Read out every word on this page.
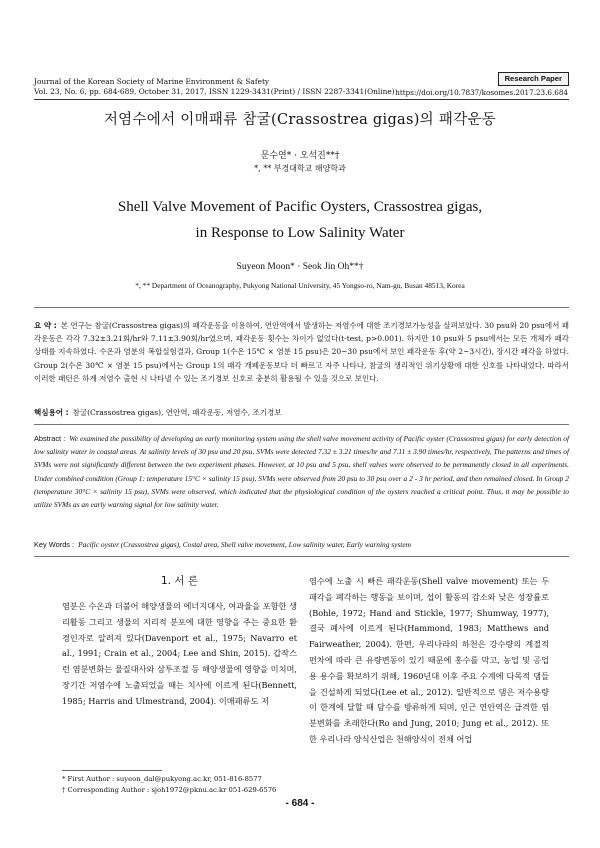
Journal of the Korean Society of Marine Environment & Safety
Vol. 23, No. 6, pp. 684-689, October 31, 2017, ISSN 1229-3431(Print) / ISSN 2287-3341(Online)
Research Paper
https://doi.org/10.7837/kosomes.2017.23.6.684
저염수에서 이매패류 참굴(Crassostrea gigas)의 패각운동
문수연* · 오석진**†
*, ** 부경대학교 해양학과
Shell Valve Movement of Pacific Oysters, Crassostrea gigas,
in Response to Low Salinity Water
Suyeon Moon* · Seok Jin Oh**†
*, ** Department of Oceanography, Pukyong National University, 45 Yongso-ro, Nam-gu, Busan 48513, Korea
요 약 : 본 연구는 참굴(Crassostrea gigas)의 패각운동을 이용하여, 연안역에서 발생하는 저염수에 대한 조기경보가능성을 살펴보았다. 30 psu와 20 psu에서 패각운동은 각각 7.32±3.21회/hr와 7.11±3.90회/hr였으며, 패각운동 횟수는 차이가 없었다(t-test, p>0.001). 하지만 10 psu와 5 psu에서는 모든 개체가 패각상태를 지속하였다. 수온과 염분의 복합실험결과, Group 1(수온 15℃ × 염분 15 psu)은 20~30 psu에서 보인 패각운동 후(약 2~3시간), 장시간 패각을 하였다. Group 2(수온 30℃ × 염분 15 psu)에서는 Group 1의 패각 개폐운동보다 더 빠르고 자주 나타나, 참굴의 생리적인 위기상황에 대한 신호를 나타내었다. 따라서 이러한 패턴은 하계 저염수 출현 시 나타낼 수 있는 조기경보 신호로 충분히 활용될 수 있을 것으로 보인다.
핵심용어 : 참굴(Crassostrea gigas), 연안역, 패각운동, 저염수, 조기경보
Abstract : We examined the possibility of developing an early monitoring system using the shell valve movement activity of Pacific oyster (Crassostrea gigas) for early detection of low salinity water in coastal areas. At salinity levels of 30 psu and 20 psu, SVMs were detected 7.32 ± 3.21 times/hr and 7.11 ± 3.90 times/hr, respectively, The patterns and times of SVMs were not significantly different between the two experiment phases. However, at 10 psu and 5 psu, shell valves were observed to be permanently closed in all experiments. Under combined condition (Group 1: temperature 15°C × salinity 15 psu), SVMs were observed from 20 psu to 30 psu over a 2 - 3 hr period, and then remained closed. In Group 2 (temperature 30°C × salinity 15 psu), SVMs were observed, which indicated that the physiological condition of the oysters reached a critical point. Thus, it may be possible to utilize SVMs as an early warning signal for low salinity water.
Key Words : Pacific oyster (Crassostrea gigas), Costal area, Shell valve movement, Low salinity water, Early warning system
1. 서 론
염분은 수온과 더불어 해양생물의 에너지대사, 여과율을 포함한 생리활동 그리고 생물의 지리적 분포에 대한 영향을 주는 중요한 환경인자로 알려져 있다(Davenport et al., 1975; Navarro et al., 1991; Crain et al., 2004; Lee and Shin, 2015). 갑작스런 염분변화는 물질대사와 삼투조절 등 해양생물에 영향을 미치며, 장기간 저염수에 노출되었을 때는 치사에 이르게 된다(Bennett, 1985; Harris and Ulmestrand, 2004). 이매패류도 저
염수에 노출 시 빠른 패각운동(Shell valve movement) 또는 두 패각을 폐각하는 행동을 보이며, 섭이 활동의 감소와 낮은 성장률로(Bohle, 1972; Hand and Stickle, 1977; Shumway, 1977), 결국 폐사에 이르게 된다(Hammond, 1983; Matthews and Fairweather, 2004). 한편, 우리나라의 하천은 강수량의 계절적 편차에 따라 큰 유량변동이 있기 때문에 홍수를 막고, 농업 및 공업용 용수를 확보하기 위해, 1960년대 이후 주요 수계에 다목적 댐들을 건설하게 되었다(Lee et al., 2012). 일반적으로 댐은 저수용량이 한계에 달할 때 담수를 방류하게 되며, 인근 연안역은 급격한 염분변화를 초래한다(Ro and Jung, 2010; Jung et al., 2012). 또한 우리나라 양식산업은 천해양식이 전체 어업
* First Author : suyeon_dal@pukyong.ac.kr, 051-816-8577
† Corresponding Author : sjoh1972@pknu.ac.kr 051-629-6576
- 684 -
